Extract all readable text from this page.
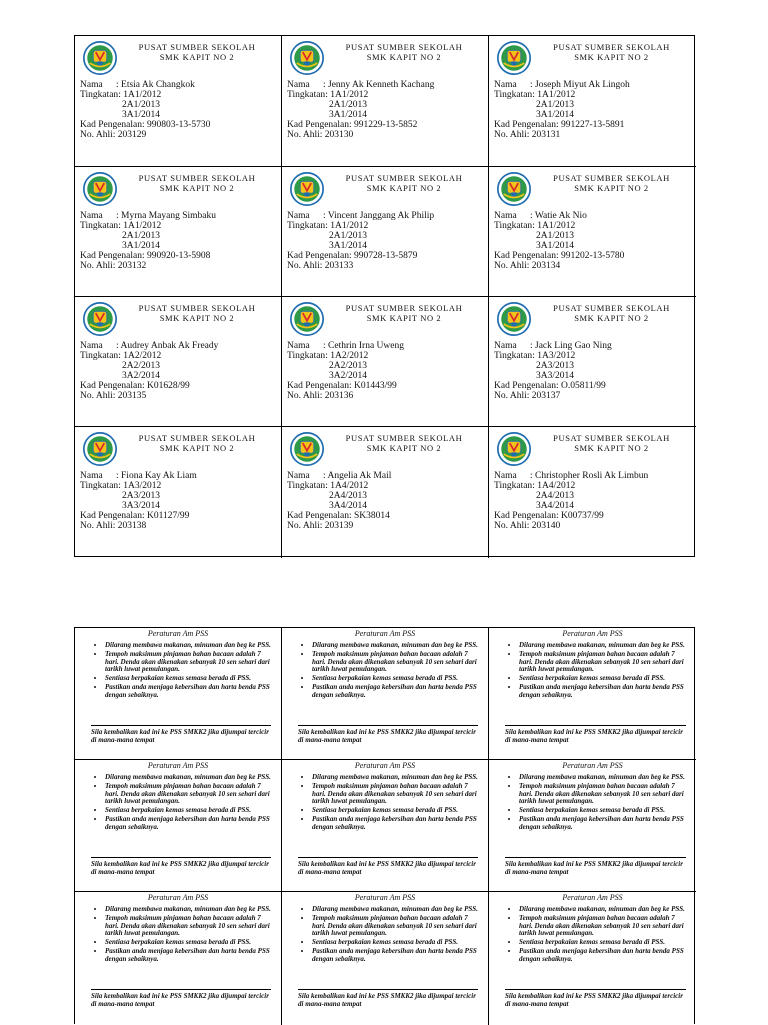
PUSAT SUMBER SEKOLAH
SMK KAPIT NO 2
Nama : Etsia Ak Changkok
Tingkatan: 1A1/2012
2A1/2013
3A1/2014
Kad Pengenalan: 990803-13-5730
No. Ahli: 203129
PUSAT SUMBER SEKOLAH
SMK KAPIT NO 2
Nama : Jenny Ak Kenneth Kachang
Tingkatan: 1A1/2012
2A1/2013
3A1/2014
Kad Pengenalan: 991229-13-5852
No. Ahli: 203130
PUSAT SUMBER SEKOLAH
SMK KAPIT NO 2
Nama : Joseph Miyut Ak Lingoh
Tingkatan: 1A1/2012
2A1/2013
3A1/2014
Kad Pengenalan: 991227-13-5891
No. Ahli: 203131
PUSAT SUMBER SEKOLAH
SMK KAPIT NO 2
Nama : Myrna Mayang Simbaku
Tingkatan: 1A1/2012
2A1/2013
3A1/2014
Kad Pengenalan: 990920-13-5908
No. Ahli: 203132
PUSAT SUMBER SEKOLAH
SMK KAPIT NO 2
Nama : Vincent Janggang Ak Philip
Tingkatan: 1A1/2012
2A1/2013
3A1/2014
Kad Pengenalan: 990728-13-5879
No. Ahli: 203133
PUSAT SUMBER SEKOLAH
SMK KAPIT NO 2
Nama : Watie Ak Nio
Tingkatan: 1A1/2012
2A1/2013
3A1/2014
Kad Pengenalan: 991202-13-5780
No. Ahli: 203134
PUSAT SUMBER SEKOLAH
SMK KAPIT NO 2
Nama : Audrey Anbak Ak Fready
Tingkatan: 1A2/2012
2A2/2013
3A2/2014
Kad Pengenalan: K01628/99
No. Ahli: 203135
PUSAT SUMBER SEKOLAH
SMK KAPIT NO 2
Nama : Cethrin Irna Uweng
Tingkatan: 1A2/2012
2A2/2013
3A2/2014
Kad Pengenalan: K01443/99
No. Ahli: 203136
PUSAT SUMBER SEKOLAH
SMK KAPIT NO 2
Nama : Jack Ling Gao Ning
Tingkatan: 1A3/2012
2A3/2013
3A3/2014
Kad Pengenalan: O.05811/99
No. Ahli: 203137
PUSAT SUMBER SEKOLAH
SMK KAPIT NO 2
Nama : Fiona Kay Ak Liam
Tingkatan: 1A3/2012
2A3/2013
3A3/2014
Kad Pengenalan: K01127/99
No. Ahli: 203138
PUSAT SUMBER SEKOLAH
SMK KAPIT NO 2
Nama : Angelia Ak Mail
Tingkatan: 1A4/2012
2A4/2013
3A4/2014
Kad Pengenalan: SK38014
No. Ahli: 203139
PUSAT SUMBER SEKOLAH
SMK KAPIT NO 2
Nama : Christopher Rosli Ak Limbun
Tingkatan: 1A4/2012
2A4/2013
3A4/2014
Kad Pengenalan: K00737/99
No. Ahli: 203140
Peraturan Am PSS
• Dilarang membawa makanan, minuman dan beg ke PSS.
• Tempoh maksimum pinjaman bahan bacaan adalah 7 hari. Denda akan dikenakan sebanyak 10 sen sehari dari tarikh luwat pemulangan.
• Sentiasa berpakaian kemas semasa berada di PSS.
• Pastikan anda menjaga kebersihan dan harta benda PSS dengan sebaiknya.
Sila kembalikan kad ini ke PSS SMKK2 jika dijumpai tercicir di mana-mana tempat
Peraturan Am PSS
• Dilarang membawa makanan, minuman dan beg ke PSS.
• Tempoh maksimum pinjaman bahan bacaan adalah 7 hari. Denda akan dikenakan sebanyak 10 sen sehari dari tarikh luwat pemulangan.
• Sentiasa berpakaian kemas semasa berada di PSS.
• Pastikan anda menjaga kebersihan dan harta benda PSS dengan sebaiknya.
Sila kembalikan kad ini ke PSS SMKK2 jika dijumpai tercicir di mana-mana tempat
Peraturan Am PSS
• Dilarang membawa makanan, minuman dan beg ke PSS.
• Tempoh maksimum pinjaman bahan bacaan adalah 7 hari. Denda akan dikenakan sebanyak 10 sen sehari dari tarikh luwat pemulangan.
• Sentiasa berpakaian kemas semasa berada di PSS.
• Pastikan anda menjaga kebersihan dan harta benda PSS dengan sebaiknya.
Sila kembalikan kad ini ke PSS SMKK2 jika dijumpai tercicir di mana-mana tempat
Peraturan Am PSS
• Dilarang membawa makanan, minuman dan beg ke PSS.
• Tempoh maksimum pinjaman bahan bacaan adalah 7 hari. Denda akan dikenakan sebanyak 10 sen sehari dari tarikh luwat pemulangan.
• Sentiasa berpakaian kemas semasa berada di PSS.
• Pastikan anda menjaga kebersihan dan harta benda PSS dengan sebaiknya.
Sila kembalikan kad ini ke PSS SMKK2 jika dijumpai tercicir di mana-mana tempat
Peraturan Am PSS
• Dilarang membawa makanan, minuman dan beg ke PSS.
• Tempoh maksimum pinjaman bahan bacaan adalah 7 hari. Denda akan dikenakan sebanyak 10 sen sehari dari tarikh luwat pemulangan.
• Sentiasa berpakaian kemas semasa berada di PSS.
• Pastikan anda menjaga kebersihan dan harta benda PSS dengan sebaiknya.
Sila kembalikan kad ini ke PSS SMKK2 jika dijumpai tercicir di mana-mana tempat
Peraturan Am PSS
• Dilarang membawa makanan, minuman dan beg ke PSS.
• Tempoh maksimum pinjaman bahan bacaan adalah 7 hari. Denda akan dikenakan sebanyak 10 sen sehari dari tarikh luwat pemulangan.
• Sentiasa berpakaian kemas semasa berada di PSS.
• Pastikan anda menjaga kebersihan dan harta benda PSS dengan sebaiknya.
Sila kembalikan kad ini ke PSS SMKK2 jika dijumpai tercicir di mana-mana tempat
Peraturan Am PSS
• Dilarang membawa makanan, minuman dan beg ke PSS.
• Tempoh maksimum pinjaman bahan bacaan adalah 7 hari. Denda akan dikenakan sebanyak 10 sen sehari dari tarikh luwat pemulangan.
• Sentiasa berpakaian kemas semasa berada di PSS.
• Pastikan anda menjaga kebersihan dan harta benda PSS dengan sebaiknya.
Sila kembalikan kad ini ke PSS SMKK2 jika dijumpai tercicir di mana-mana tempat
Peraturan Am PSS
• Dilarang membawa makanan, minuman dan beg ke PSS.
• Tempoh maksimum pinjaman bahan bacaan adalah 7 hari. Denda akan dikenakan sebanyak 10 sen sehari dari tarikh luwat pemulangan.
• Sentiasa berpakaian kemas semasa berada di PSS.
• Pastikan anda menjaga kebersihan dan harta benda PSS dengan sebaiknya.
Sila kembalikan kad ini ke PSS SMKK2 jika dijumpai tercicir di mana-mana tempat
Peraturan Am PSS
• Dilarang membawa makanan, minuman dan beg ke PSS.
• Tempoh maksimum pinjaman bahan bacaan adalah 7 hari. Denda akan dikenakan sebanyak 10 sen sehari dari tarikh luwat pemulangan.
• Sentiasa berpakaian kemas semasa berada di PSS.
• Pastikan anda menjaga kebersihan dan harta benda PSS dengan sebaiknya.
Sila kembalikan kad ini ke PSS SMKK2 jika dijumpai tercicir di mana-mana tempat
